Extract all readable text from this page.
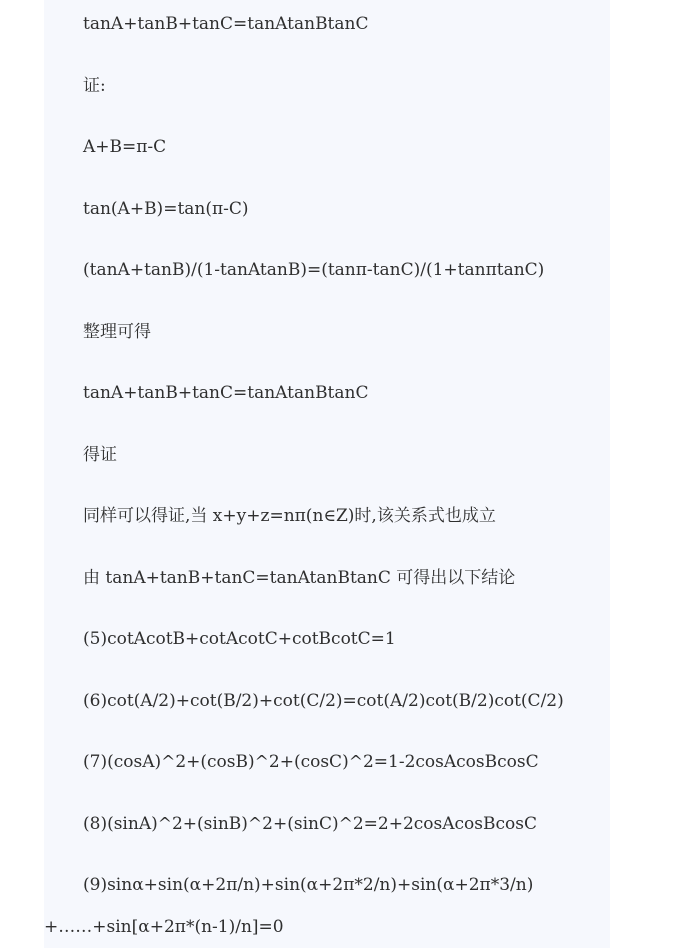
tanA+tanB+tanC=tanAtanBtanC
证:
A+B=π-C
tan(A+B)=tan(π-C)
(tanA+tanB)/(1-tanAtanB)=(tanπ-tanC)/(1+tanπtanC)
整理可得
tanA+tanB+tanC=tanAtanBtanC
得证
同样可以得证,当 x+y+z=nπ(n∈Z)时,该关系式也成立
由 tanA+tanB+tanC=tanAtanBtanC 可得出以下结论
(5)cotAcotB+cotAcotC+cotBcotC=1
(6)cot(A/2)+cot(B/2)+cot(C/2)=cot(A/2)cot(B/2)cot(C/2)
(7)(cosA)^2+(cosB)^2+(cosC)^2=1-2cosAcosBcosC
(8)(sinA)^2+(sinB)^2+(sinC)^2=2+2cosAcosBcosC
(9)sinα+sin(α+2π/n)+sin(α+2π*2/n)+sin(α+2π*3/n)
+……+sin[α+2π*(n-1)/n]=0
